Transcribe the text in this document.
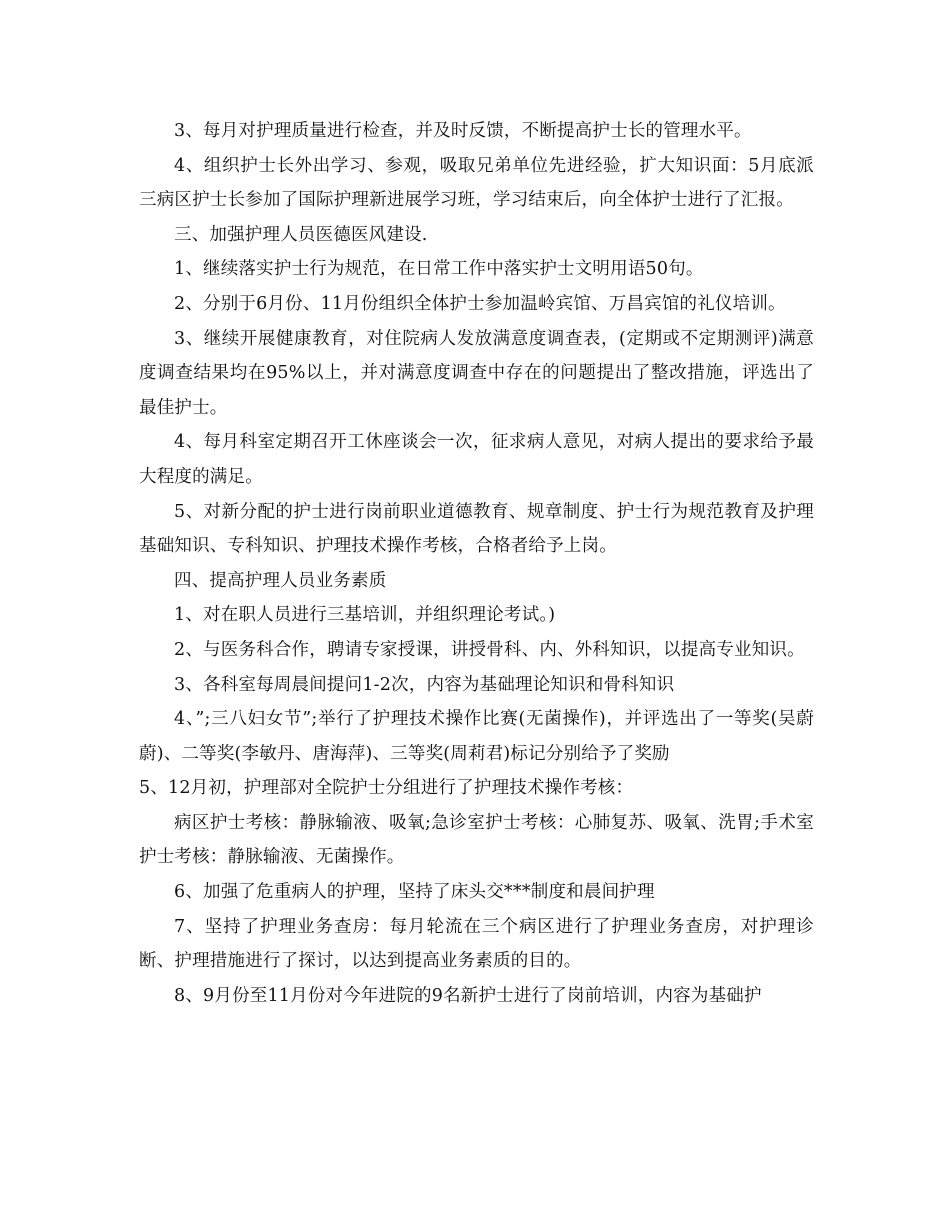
3、每月对护理质量进行检查，并及时反馈，不断提高护士长的管理水平。

4、组织护士长外出学习、参观，吸取兄弟单位先进经验，扩大知识面：5月底派三病区护士长参加了国际护理新进展学习班，学习结束后，向全体护士进行了汇报。

三、加强护理人员医德医风建设.

1、继续落实护士行为规范，在日常工作中落实护士文明用语50句。

2、分别于6月份、11月份组织全体护士参加温岭宾馆、万昌宾馆的礼仪培训。

3、继续开展健康教育，对住院病人发放满意度调查表，(定期或不定期测评)满意度调查结果均在95%以上，并对满意度调查中存在的问题提出了整改措施，评选出了最佳护士。

4、每月科室定期召开工休座谈会一次，征求病人意见，对病人提出的要求给予最大程度的满足。

5、对新分配的护士进行岗前职业道德教育、规章制度、护士行为规范教育及护理基础知识、专科知识、护理技术操作考核，合格者给予上岗。

四、提高护理人员业务素质

1、对在职人员进行三基培训，并组织理论考试。)

2、与医务科合作，聘请专家授课，讲授骨科、内、外科知识，以提高专业知识。

3、各科室每周晨间提问1-2次，内容为基础理论知识和骨科知识

4、”;三八妇女节”;举行了护理技术操作比赛(无菌操作)，并评选出了一等奖(吴蔚蔚)、二等奖(李敏丹、唐海萍)、三等奖(周莉君)标记分别给予了奖励

5、12月初，护理部对全院护士分组进行了护理技术操作考核：

病区护士考核：静脉输液、吸氧;急诊室护士考核：心肺复苏、吸氧、洗胃;手术室护士考核：静脉输液、无菌操作。

6、加强了危重病人的护理，坚持了床头交***制度和晨间护理

7、坚持了护理业务查房：每月轮流在三个病区进行了护理业务查房，对护理诊断、护理措施进行了探讨，以达到提高业务素质的目的。

8、9月份至11月份对今年进院的9名新护士进行了岗前培训，内容为基础护
